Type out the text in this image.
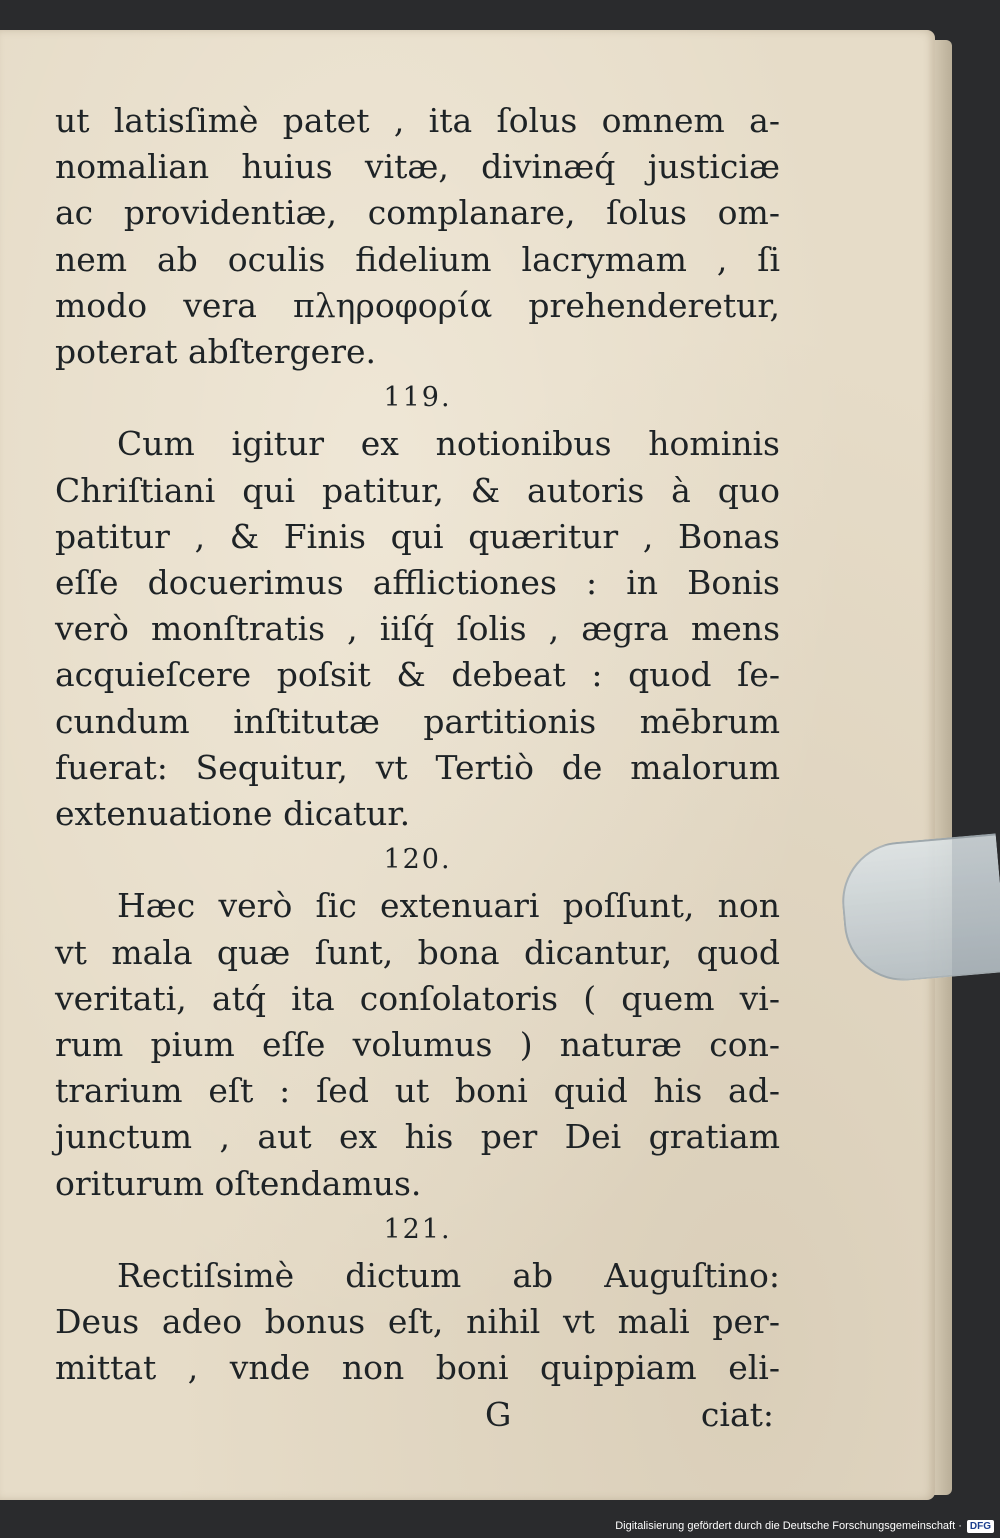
ut latisſimè patet , ita ſolus omnem a-
nomalian huius vitæ, divinæq́ justiciæ
ac providentiæ, complanare, ſolus om-
nem ab oculis fidelium lacrymam , ſi
modo vera πληροφορία prehenderetur,
poterat abſtergere.
119.
Cum igitur ex notionibus hominis
Chriſtiani qui patitur, & autoris à quo
patitur , & Finis qui quæritur , Bonas
eſſe docuerimus afflictiones : in Bonis
verò monſtratis , iiſq́ ſolis , ægra mens
acquieſcere poſsit & debeat : quod ſe-
cundum inſtitutæ partitionis mēbrum
fuerat: Sequitur, vt Tertiò de malorum
extenuatione dicatur.
120.
Hæc verò ſic extenuari poſſunt, non
vt mala quæ ſunt, bona dicantur, quod
veritati, atq́ ita conſolatoris ( quem vi-
rum pium eſſe volumus ) naturæ con-
trarium eſt : ſed ut boni quid his ad-
junctum , aut ex his per Dei gratiam
oriturum oſtendamus.
121.
Rectiſsimè dictum ab Auguſtino:
Deus adeo bonus eſt, nihil vt mali per-
mittat , vnde non boni quippiam eli-
G	ciat:
Digitalisierung gefördert durch die Deutsche Forschungsgemeinschaft · DFG
